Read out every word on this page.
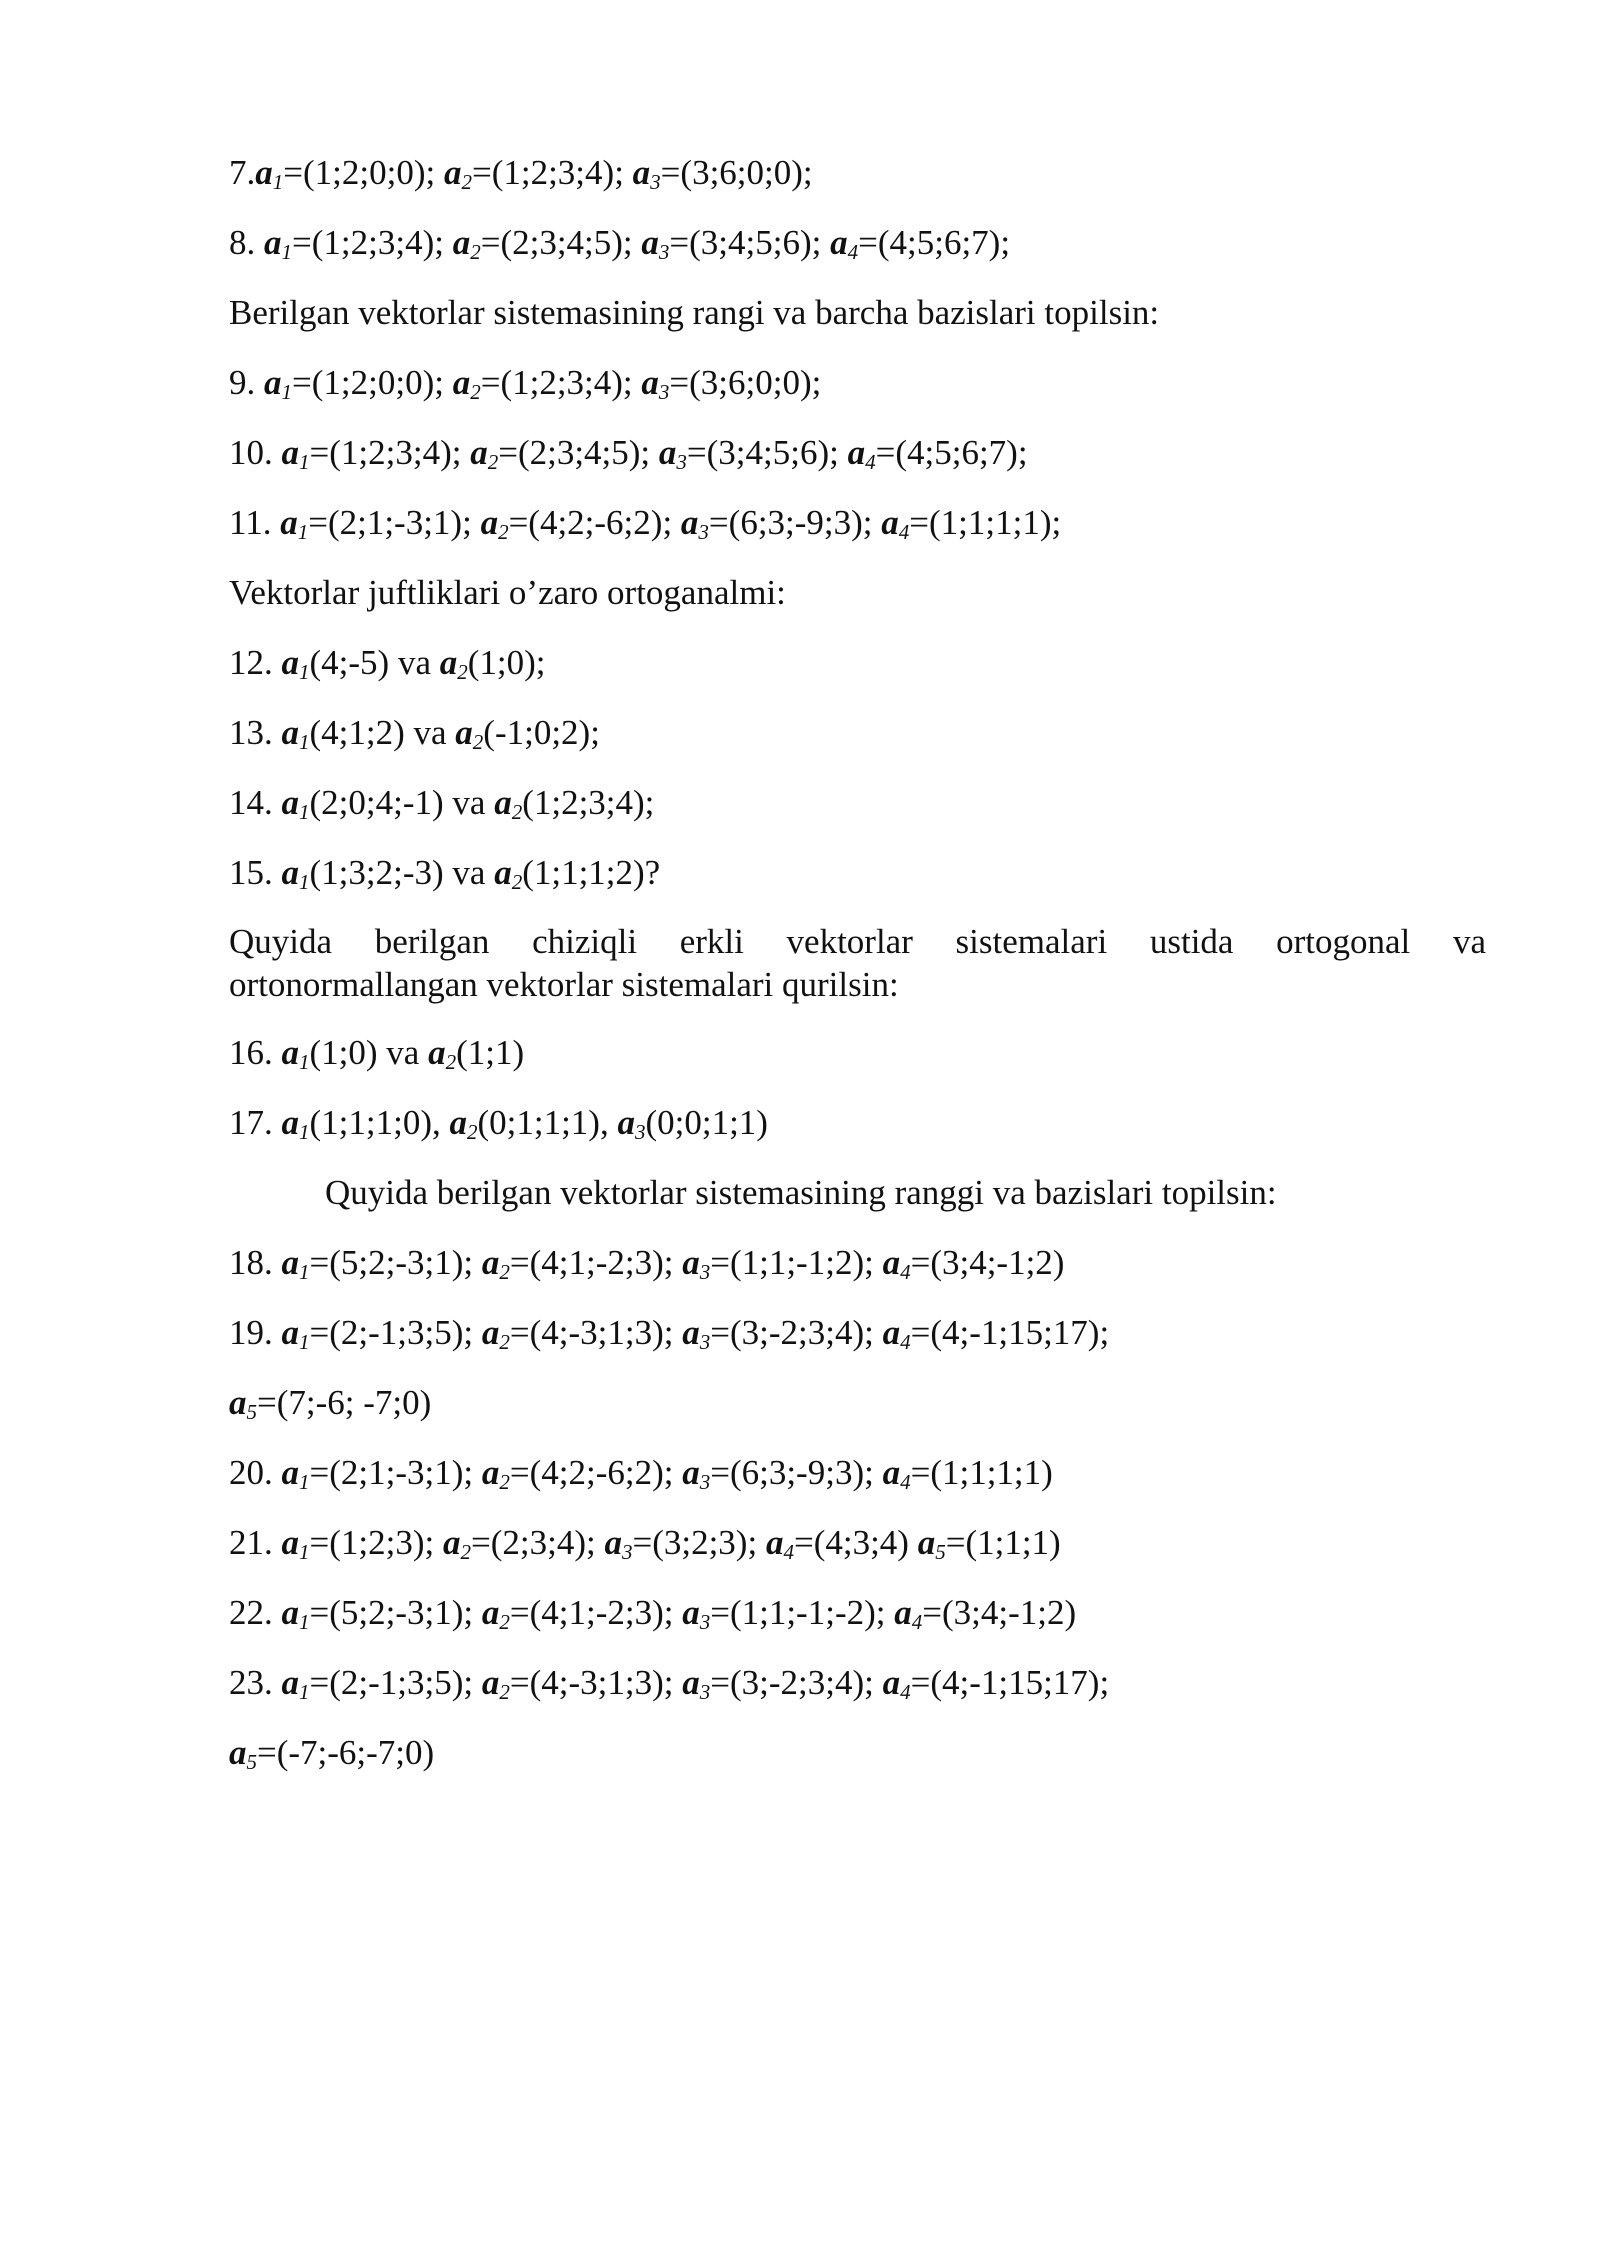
$7.a_1=(1;2;0;0)$; $a_2=(1;2;3;4)$; $a_3=(3;6;0;0)$;
8. $a_1=(1;2;3;4)$; $a_2=(2;3;4;5)$; $a_3=(3;4;5;6)$; $a_4=(4;5;6;7)$;
Berilgan vektorlar sistemasining rangi va barcha bazislari topilsin:
9. $a_1=(1;2;0;0)$; $a_2=(1;2;3;4)$; $a_3=(3;6;0;0)$;
10. $a_1=(1;2;3;4)$; $a_2=(2;3;4;5)$; $a_3=(3;4;5;6)$; $a_4=(4;5;6;7)$;
11. $a_1=(2;1;-3;1)$; $a_2=(4;2;-6;2)$; $a_3=(6;3;-9;3)$; $a_4=(1;1;1;1)$;
Vektorlar juftliklari o’zaro ortoganalmi:
12. $a_1(4;-5)$ va $a_2(1;0)$;
13. $a_1(4;1;2)$ va $a_2(-1;0;2)$;
14. $a_1(2;0;4;-1)$ va $a_2(1;2;3;4)$;
15. $a_1(1;3;2;-3)$ va $a_2(1;1;1;2)$?
Quyida berilgan chiziqli erkli vektorlar sistemalari ustida ortogonal va
ortonormallangan vektorlar sistemalari qurilsin:
16. $a_1(1;0)$ va $a_2(1;1)$
17. $a_1(1;1;1;0)$, $a_2(0;1;1;1)$, $a_3(0;0;1;1)$
Quyida berilgan vektorlar sistemasining ranggi va bazislari topilsin:
18. $a_1=(5;2;-3;1)$; $a_2=(4;1;-2;3)$; $a_3=(1;1;-1;2)$; $a_4=(3;4;-1;2)$
19. $a_1=(2;-1;3;5)$; $a_2=(4;-3;1;3)$; $a_3=(3;-2;3;4)$; $a_4=(4;-1;15;17)$;
$a_5=(7;-6$; -7;0)
20. $a_1=(2;1;-3;1)$; $a_2=(4;2;-6;2)$; $a_3=(6;3;-9;3)$; $a_4=(1;1;1;1)$
21. $a_1=(1;2;3)$; $a_2=(2;3;4)$; $a_3=(3;2;3)$; $a_4=(4;3;4)$ $a_5=(1;1;1)$
22. $a_1=(5;2;-3;1)$; $a_2=(4;1;-2;3)$; $a_3=(1;1;-1;-2)$; $a_4=(3;4;-1;2)$
23. $a_1=(2;-1;3;5)$; $a_2=(4;-3;1;3)$; $a_3=(3;-2;3;4)$; $a_4=(4;-1;15;17)$;
$a_5=(-7;-6;-7;0)$
